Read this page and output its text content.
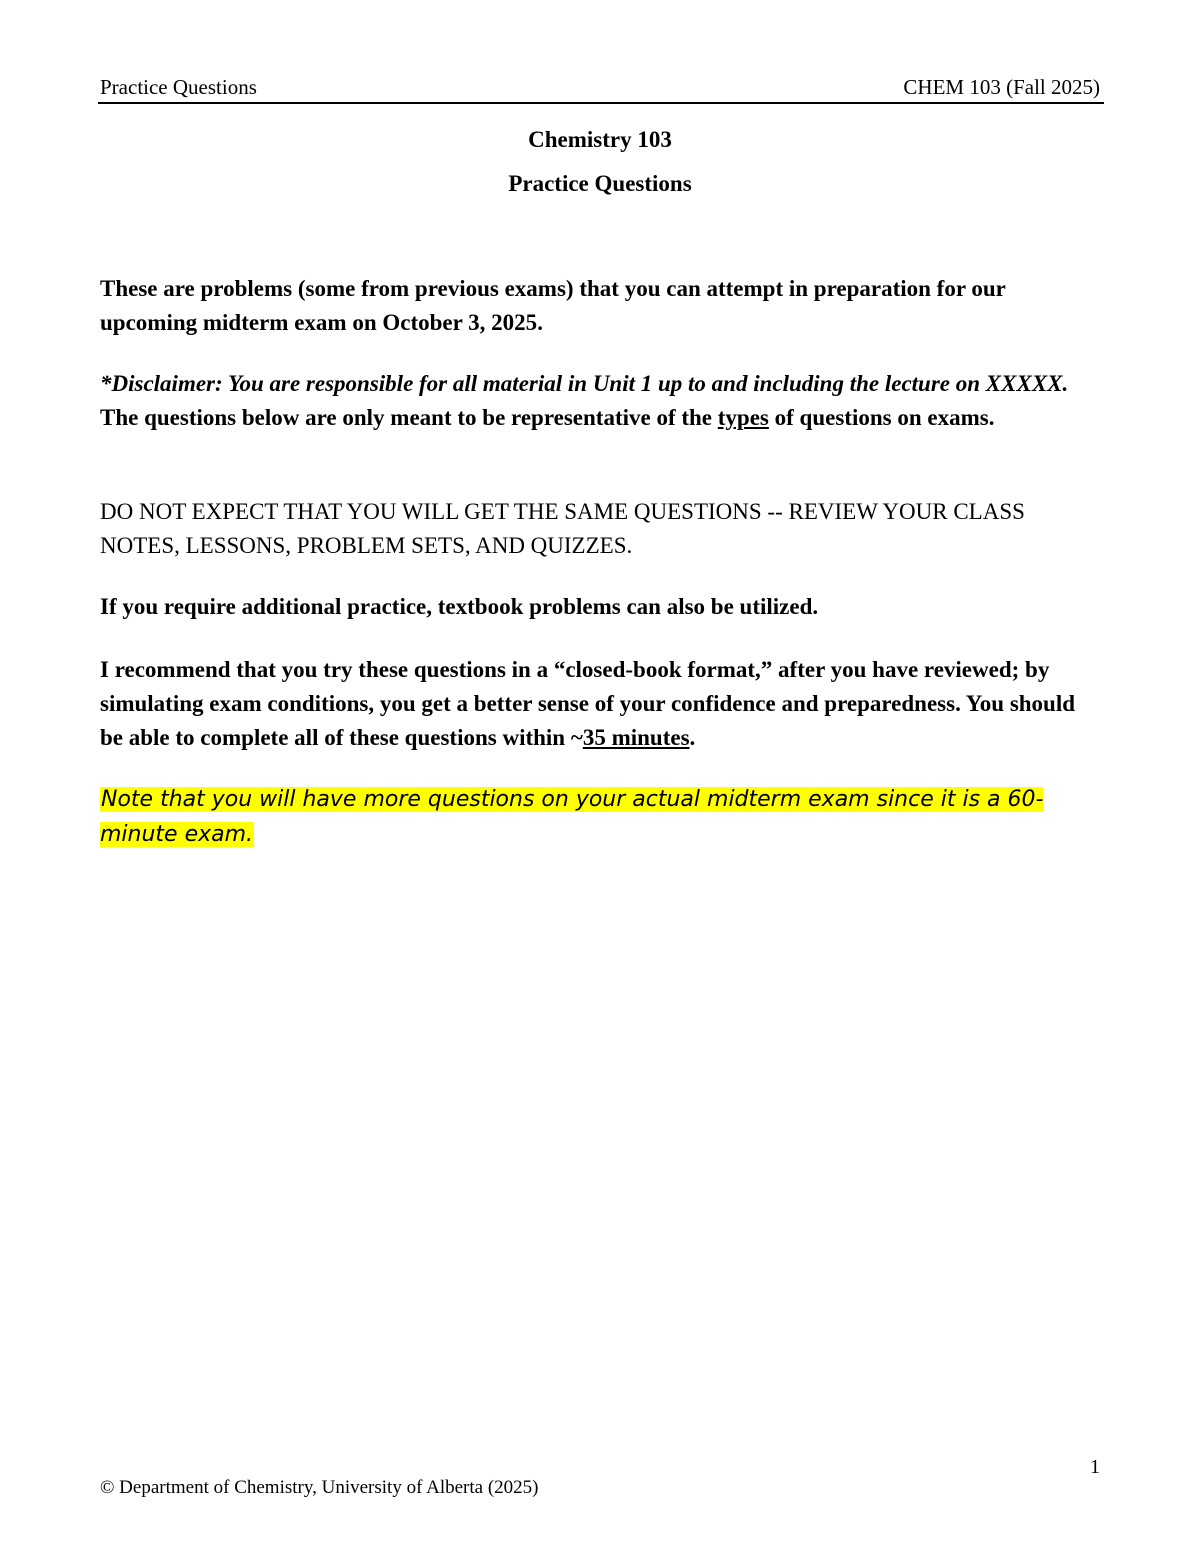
Practice Questions	CHEM 103 (Fall 2025)
Chemistry 103
Practice Questions
These are problems (some from previous exams) that you can attempt in preparation for our upcoming midterm exam on October 3, 2025.
*Disclaimer: You are responsible for all material in Unit 1 up to and including the lecture on XXXXX. The questions below are only meant to be representative of the types of questions on exams.
DO NOT EXPECT THAT YOU WILL GET THE SAME QUESTIONS -- REVIEW YOUR CLASS NOTES, LESSONS, PROBLEM SETS, AND QUIZZES.
If you require additional practice, textbook problems can also be utilized.
I recommend that you try these questions in a “closed-book format,” after you have reviewed; by simulating exam conditions, you get a better sense of your confidence and preparedness. You should be able to complete all of these questions within ~35 minutes.
Note that you will have more questions on your actual midterm exam since it is a 60-minute exam.
1
© Department of Chemistry, University of Alberta (2025)
